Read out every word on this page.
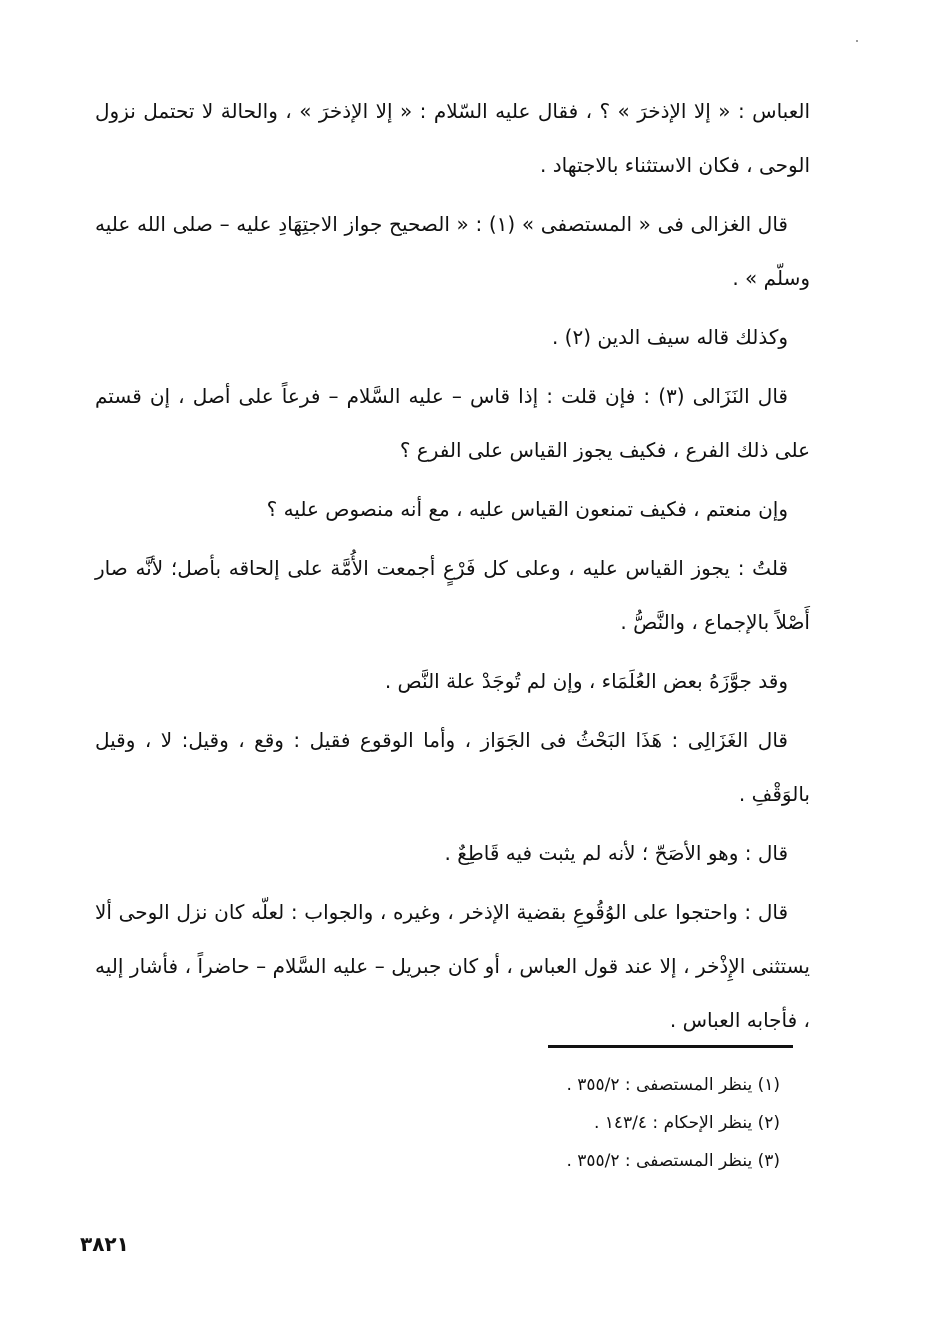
العباس : « إلا الإذخرَ » ؟ ، فقال عليه السّلام : « إلا الإذخرَ » ، والحالة لا تحتمل نزول الوحى ، فكان الاستثناء بالاجتهاد .

قال الغزالى فى « المستصفى » (١) : « الصحيح جواز الاجتِهَادِ عليه – صلى الله عليه وسلّم » .

وكذلك قاله سيف الدين (٢) .

قال النَزَالى (٣) : فإن قلت : إذا قاس – عليه السَّلام – فرعاً على أصل ، إن قستم على ذلك الفرع ، فكيف يجوز القياس على الفرع ؟

وإن منعتم ، فكيف تمنعون القياس عليه ، مع أنه منصوص عليه ؟

قلتُ : يجوز القياس عليه ، وعلى كل فَرْعٍ أجمعت الأُمَّة على إلحاقه بأصل؛ لأنَّه صار أَصْلاً بالإجماع ، والنَّصُّ .

وقد جوَّزَهُ بعض العُلَمَاء ، وإن لم تُوجَدْ علة النَّص .

قال الغَزَالِى : هَذَا البَحْثُ فى الجَوَاز ، وأما الوقوع فقيل : وقع ، وقيل: لا ، وقيل بالوَقْفِ .

قال : وهو الأصَحّ ؛ لأنه لم يثبت فيه قَاطِعٌ .

قال : واحتجوا على الوُقُوعِ بقضية الإذخر ، وغيره ، والجواب : لعلّه كان نزل الوحى ألا يستثنى الإِذْخر ، إلا عند قول العباس ، أو كان جبريل – عليه السَّلام – حاضراً ، فأشار إليه ، فأجابه العباس .

(١) ينظر المستصفى : ٣٥٥/٢ .

(٢) ينظر الإحكام : ١٤٣/٤ .

(٣) ينظر المستصفى : ٣٥٥/٢ .

٣٨٢١
